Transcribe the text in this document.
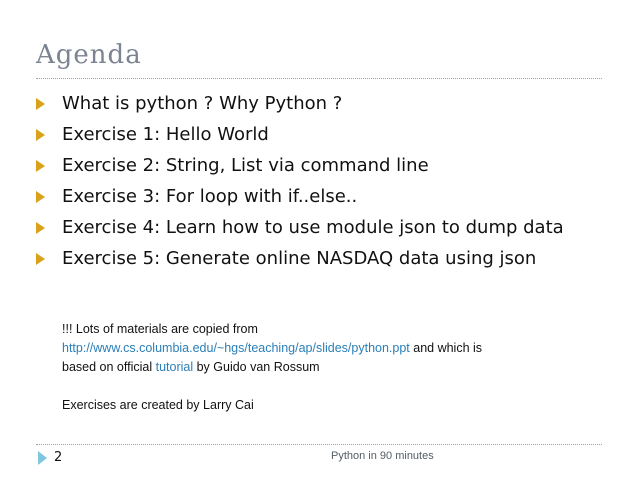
Agenda
What is python ? Why Python ?
Exercise 1: Hello World
Exercise 2: String, List via command line
Exercise 3: For loop with if..else..
Exercise 4: Learn how to use module json to dump data
Exercise 5: Generate online NASDAQ data using json
!!! Lots of materials are copied from
http://www.cs.columbia.edu/~hgs/teaching/ap/slides/python.ppt and which is
based on official tutorial by Guido van Rossum
Exercises are created by Larry Cai
2	Python in 90 minutes
